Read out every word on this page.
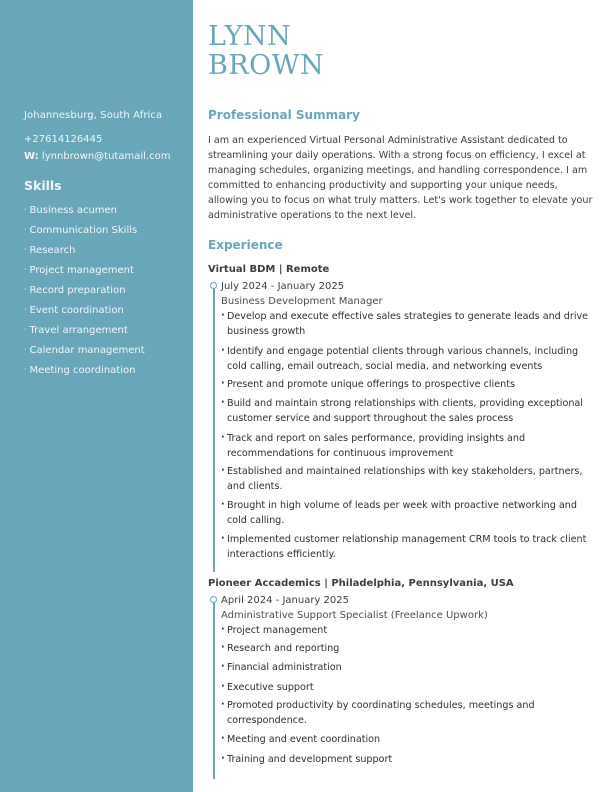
Johannesburg, South Africa
+27614126445
W: lynnbrown@tutamail.com
Skills
· Business acumen
· Communication Skills
· Research
· Project management
· Record preparation
· Event coordination
· Travel arrangement
· Calendar management
· Meeting coordination
LYNN
BROWN
Professional Summary

I am an experienced Virtual Personal Administrative Assistant dedicated to streamlining your daily operations. With a strong focus on efficiency, I excel at managing schedules, organizing meetings, and handling correspondence. I am committed to enhancing productivity and supporting your unique needs, allowing you to focus on what truly matters. Let's work together to elevate your administrative operations to the next level.

Experience
Virtual BDM | Remote
July 2024 - January 2025
Business Development Manager
· Develop and execute effective sales strategies to generate leads and drive business growth
· Identify and engage potential clients through various channels, including cold calling, email outreach, social media, and networking events
· Present and promote unique offerings to prospective clients
· Build and maintain strong relationships with clients, providing exceptional customer service and support throughout the sales process
· Track and report on sales performance, providing insights and recommendations for continuous improvement
· Established and maintained relationships with key stakeholders, partners, and clients.
· Brought in high volume of leads per week with proactive networking and cold calling.
· Implemented customer relationship management CRM tools to track client interactions efficiently.
Pioneer Accademics | Philadelphia, Pennsylvania, USA
April 2024 - January 2025
Administrative Support Specialist (Freelance Upwork)
· Project management
· Research and reporting
· Financial administration
· Executive support
· Promoted productivity by coordinating schedules, meetings and correspondence.
· Meeting and event coordination
· Training and development support
